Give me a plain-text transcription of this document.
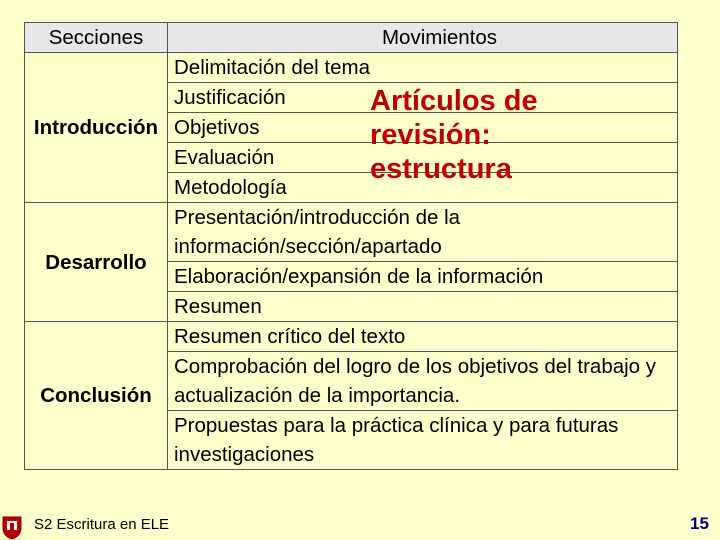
Secciones	Movimientos
Introducción	Delimitación del tema
	Justificación
	Objetivos
	Evaluación
	Metodología
Desarrollo	Presentación/introducción de la información/sección/apartado
	Elaboración/expansión de la información
	Resumen
Conclusión	Resumen crítico del texto
	Comprobación del logro de los objetivos del trabajo y actualización de la importancia.
	Propuestas para la práctica clínica y para futuras investigaciones
Artículos de
revisión:
estructura
S2 Escritura en ELE	15
